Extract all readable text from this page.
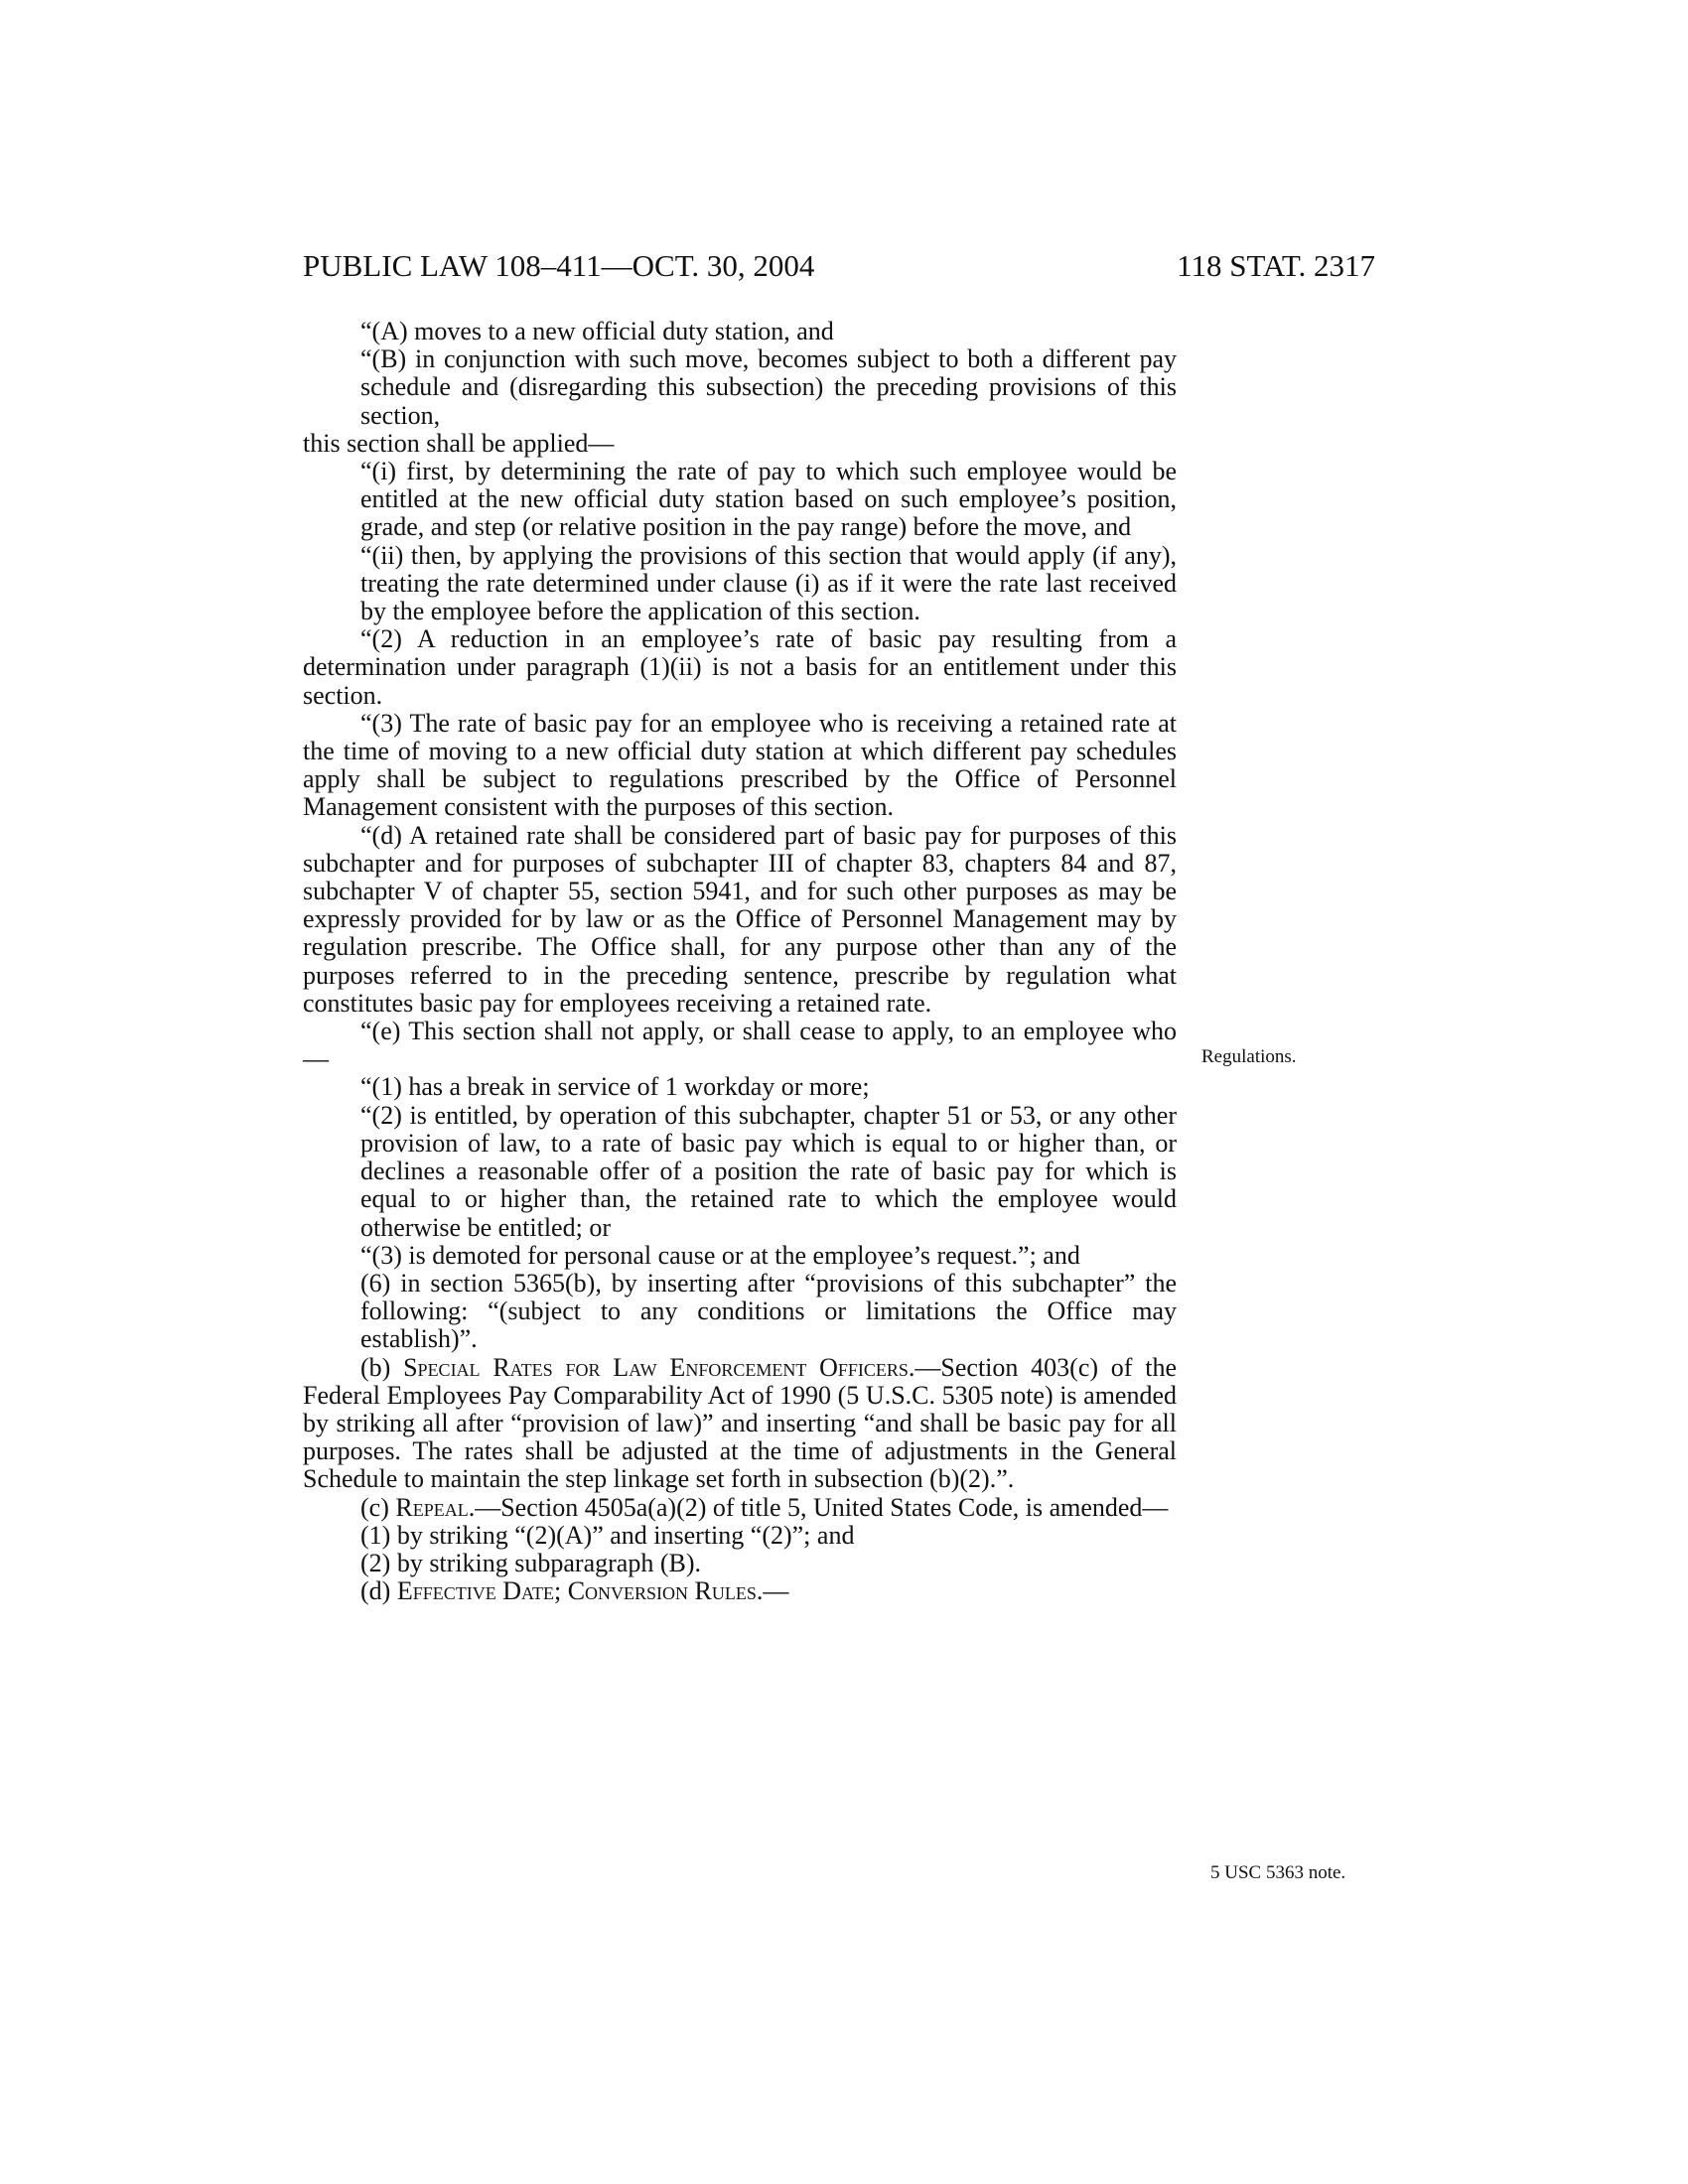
PUBLIC LAW 108–411—OCT. 30, 2004	118 STAT. 2317

“(A) moves to a new official duty station, and

“(B) in conjunction with such move, becomes subject to both a different pay schedule and (disregarding this subsection) the preceding provisions of this section,

this section shall be applied—

“(i) first, by determining the rate of pay to which such employee would be entitled at the new official duty station based on such employee’s position, grade, and step (or relative position in the pay range) before the move, and

“(ii) then, by applying the provisions of this section that would apply (if any), treating the rate determined under clause (i) as if it were the rate last received by the employee before the application of this section.

“(2) A reduction in an employee’s rate of basic pay resulting from a determination under paragraph (1)(ii) is not a basis for an entitlement under this section.

“(3) The rate of basic pay for an employee who is receiving a retained rate at the time of moving to a new official duty station at which different pay schedules apply shall be subject to regulations prescribed by the Office of Personnel Management consistent with the purposes of this section.

“(d) A retained rate shall be considered part of basic pay for purposes of this subchapter and for purposes of subchapter III of chapter 83, chapters 84 and 87, subchapter V of chapter 55, section 5941, and for such other purposes as may be expressly provided for by law or as the Office of Personnel Management may by regulation prescribe. The Office shall, for any purpose other than any of the purposes referred to in the preceding sentence, prescribe by regulation what constitutes basic pay for employees receiving a retained rate.

“(e) This section shall not apply, or shall cease to apply, to an employee who—

“(1) has a break in service of 1 workday or more;

“(2) is entitled, by operation of this subchapter, chapter 51 or 53, or any other provision of law, to a rate of basic pay which is equal to or higher than, or declines a reasonable offer of a position the rate of basic pay for which is equal to or higher than, the retained rate to which the employee would otherwise be entitled; or

“(3) is demoted for personal cause or at the employee’s request.”; and

(6) in section 5365(b), by inserting after “provisions of this subchapter” the following: “(subject to any conditions or limitations the Office may establish)”.

(b) Special Rates for Law Enforcement Officers.—Section 403(c) of the Federal Employees Pay Comparability Act of 1990 (5 U.S.C. 5305 note) is amended by striking all after “provision of law)” and inserting “and shall be basic pay for all purposes. The rates shall be adjusted at the time of adjustments in the General Schedule to maintain the step linkage set forth in subsection (b)(2).”.

(c) Repeal.—Section 4505a(a)(2) of title 5, United States Code, is amended—

(1) by striking “(2)(A)” and inserting “(2)”; and

(2) by striking subparagraph (B).

(d) Effective Date; Conversion Rules.—

Regulations.
5 USC 5363 note.
